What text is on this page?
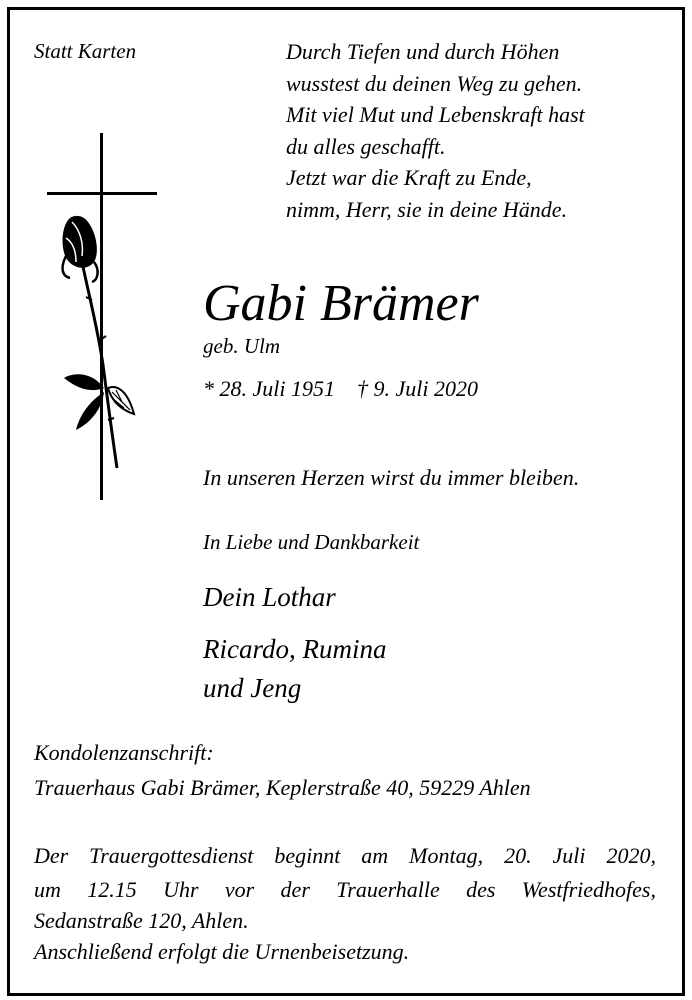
Statt Karten	Durch Tiefen und durch Höhen
wusstest du deinen Weg zu gehen.
Mit viel Mut und Lebenskraft hast
du alles geschafft.
Jetzt war die Kraft zu Ende,
nimm, Herr, sie in deine Hände.
Gabi Brämer
geb. Ulm
* 28. Juli 1951 † 9. Juli 2020
In unseren Herzen wirst du immer bleiben.
In Liebe und Dankbarkeit
Dein Lothar
Ricardo, Rumina
und Jeng
Kondolenzanschrift:
Trauerhaus Gabi Brämer, Keplerstraße 40, 59229 Ahlen
Der Trauergottesdienst beginnt am Montag, 20. Juli 2020,
um 12.15 Uhr vor der Trauerhalle des Westfriedhofes,
Sedanstraße 120, Ahlen.
Anschließend erfolgt die Urnenbeisetzung.
